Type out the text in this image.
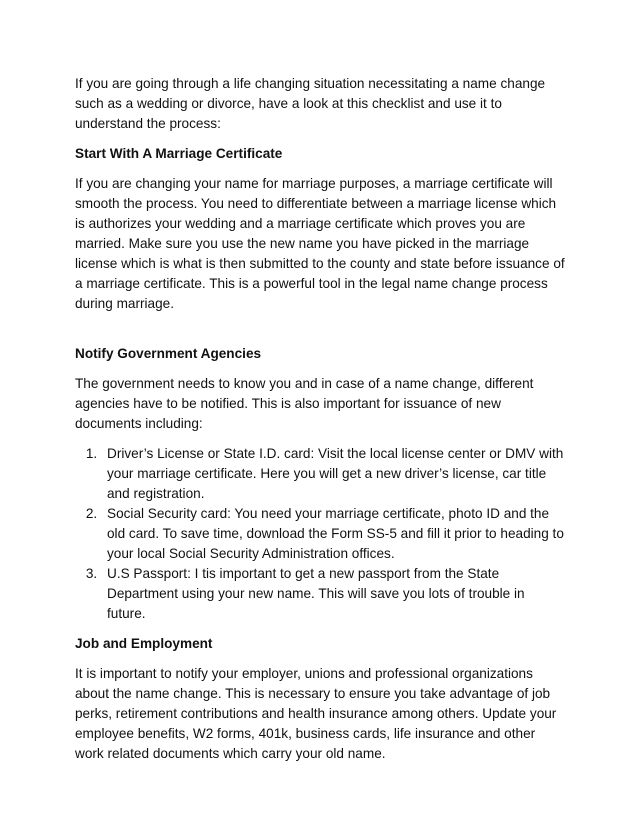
If you are going through a life changing situation necessitating a name change such as a wedding or divorce, have a look at this checklist and use it to understand the process:

Start With A Marriage Certificate

If you are changing your name for marriage purposes, a marriage certificate will smooth the process. You need to differentiate between a marriage license which is authorizes your wedding and a marriage certificate which proves you are married. Make sure you use the new name you have picked in the marriage license which is what is then submitted to the county and state before issuance of a marriage certificate. This is a powerful tool in the legal name change process during marriage.

Notify Government Agencies

The government needs to know you and in case of a name change, different agencies have to be notified. This is also important for issuance of new documents including:

1. Driver’s License or State I.D. card: Visit the local license center or DMV with your marriage certificate. Here you will get a new driver’s license, car title and registration.
2. Social Security card: You need your marriage certificate, photo ID and the old card. To save time, download the Form SS-5 and fill it prior to heading to your local Social Security Administration offices.
3. U.S Passport: I tis important to get a new passport from the State Department using your new name. This will save you lots of trouble in future.

Job and Employment

It is important to notify your employer, unions and professional organizations about the name change. This is necessary to ensure you take advantage of job perks, retirement contributions and health insurance among others. Update your employee benefits, W2 forms, 401k, business cards, life insurance and other work related documents which carry your old name.
